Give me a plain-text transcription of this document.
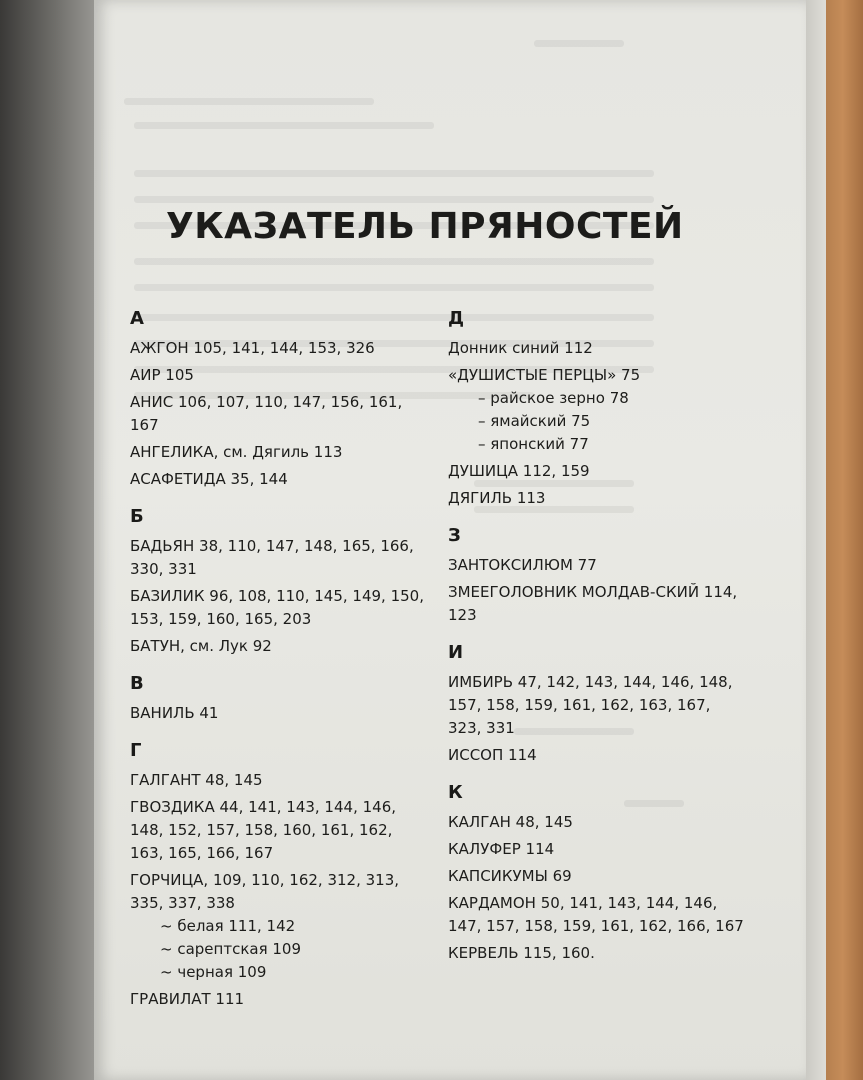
УКАЗАТЕЛЬ ПРЯНОСТЕЙ
А
АЖГОН 105, 141, 144, 153, 326
АИР 105
АНИС 106, 107, 110, 147, 156, 161, 167
АНГЕЛИКА, см. Дягиль 113
АСАФЕТИДА 35, 144
Б
БАДЬЯН 38, 110, 147, 148, 165, 166, 330, 331
БАЗИЛИК 96, 108, 110, 145, 149, 150, 153, 159, 160, 165, 203
БАТУН, см. Лук 92
В
ВАНИЛЬ 41
Г
ГАЛГАНТ 48, 145
ГВОЗДИКА 44, 141, 143, 144, 146, 148, 152, 157, 158, 160, 161, 162, 163, 165, 166, 167
ГОРЧИЦА, 109, 110, 162, 312, 313, 335, 337, 338
~ белая 111, 142
~ сарептская 109
~ черная 109
ГРАВИЛАТ 111
Д
Донник синий 112
«ДУШИСТЫЕ ПЕРЦЫ» 75
– райское зерно 78
– ямайский 75
– японский 77
ДУШИЦА 112, 159
ДЯГИЛЬ 113
З
ЗАНТОКСИЛЮМ 77
ЗМЕЕГОЛОВНИК МОЛДАВ-СКИЙ 114, 123
И
ИМБИРЬ 47, 142, 143, 144, 146, 148, 157, 158, 159, 161, 162, 163, 167, 323, 331
ИССОП 114
К
КАЛГАН 48, 145
КАЛУФЕР 114
КАПСИКУМЫ 69
КАРДАМОН 50, 141, 143, 144, 146, 147, 157, 158, 159, 161, 162, 166, 167
КЕРВЕЛЬ 115, 160.
